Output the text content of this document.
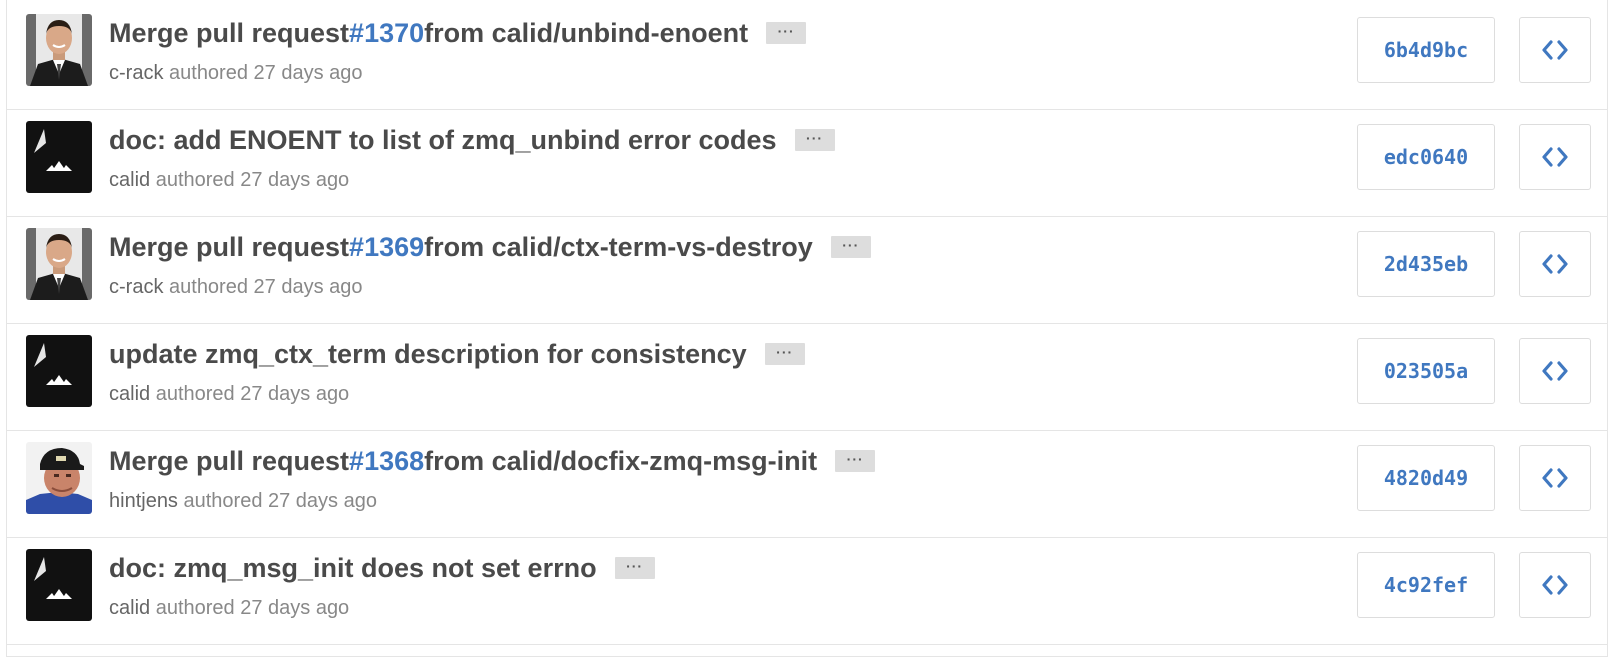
Merge pull request #1370 from calid/unbind-enoent	···
c-rack authored 27 days ago
6b4d9bc
doc: add ENOENT to list of zmq_unbind error codes	···
calid authored 27 days ago
edc0640
Merge pull request #1369 from calid/ctx-term-vs-destroy	···
c-rack authored 27 days ago
2d435eb
update zmq_ctx_term description for consistency	···
calid authored 27 days ago
023505a
Merge pull request #1368 from calid/docfix-zmq-msg-init	···
hintjens authored 27 days ago
4820d49
doc: zmq_msg_init does not set errno	···
calid authored 27 days ago
4c92fef
